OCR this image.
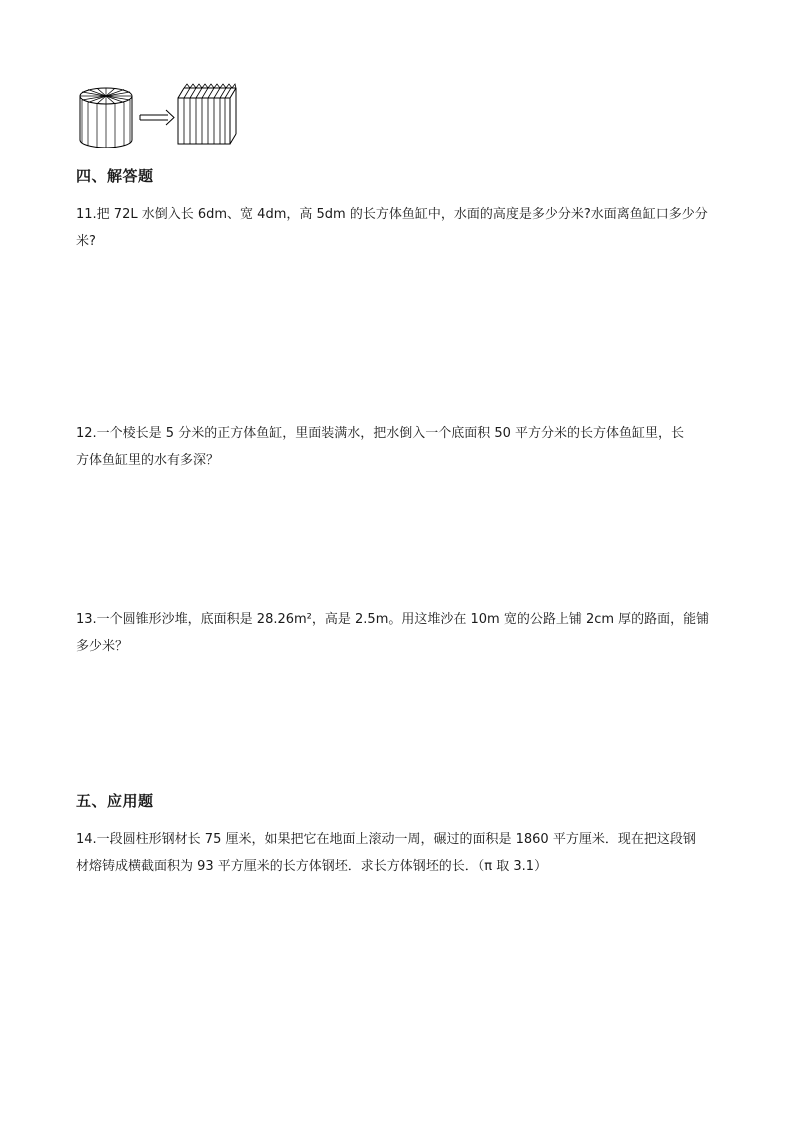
四、解答题
11.把 72L 水倒入长 6dm、宽 4dm，高 5dm 的长方体鱼缸中，水面的高度是多少分米?水面离鱼缸口多少分
米?
12.一个棱长是 5 分米的正方体鱼缸，里面装满水，把水倒入一个底面积 50 平方分米的长方体鱼缸里，长
方体鱼缸里的水有多深？
13.一个圆锥形沙堆，底面积是 28.26m²，高是 2.5m。用这堆沙在 10m 宽的公路上铺 2cm 厚的路面，能铺
多少米？
五、应用题
14.一段圆柱形钢材长 75 厘米，如果把它在地面上滚动一周，碾过的面积是 1860 平方厘米．现在把这段钢
材熔铸成横截面积为 93 平方厘米的长方体钢坯．求长方体钢坯的长．（π 取 3.1）
